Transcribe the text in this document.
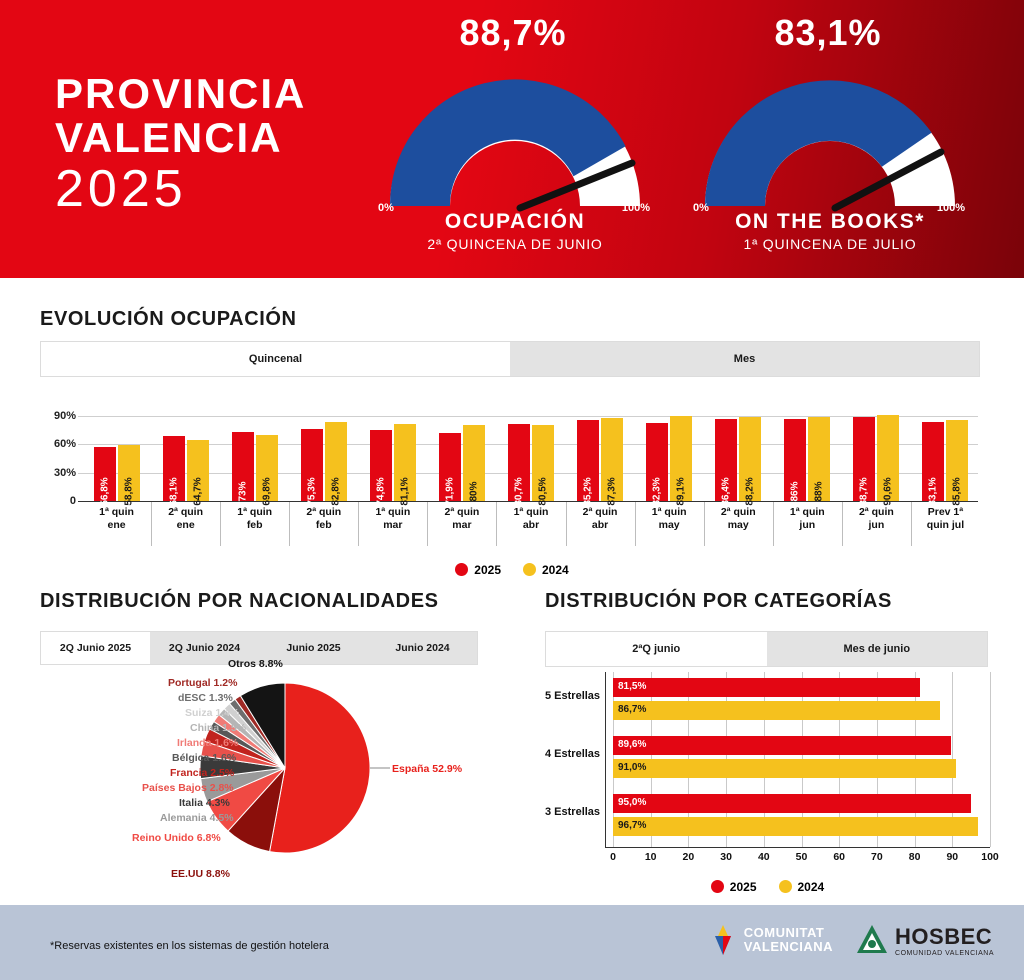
PROVINCIA
VALENCIA
2025
88,7%
0%	100%
OCUPACIÓN
2ª QUINCENA DE JUNIO
83,1%
0%	100%
ON THE BOOKS*
1ª QUINCENA DE JULIO
EVOLUCIÓN OCUPACIÓN
Quincenal	Mes
90%
60%
30%
0 56,8% 58,8%	68,1% 64,7%	73% 69,8%	75,3% 82,8%	74,8% 81,1%	71,9% 80%	80,7% 80,5%	85,2% 87,3%	82,3% 89,1%	86,4% 88,2%	86% 88%	88,7% 90,6%	83,1% 85,8%
1ª quin
ene
2ª quin
ene
1ª quin
feb
2ª quin
feb
1ª quin
mar
2ª quin
mar
1ª quin
abr
2ª quin
abr
1ª quin
may
2ª quin
may
1ª quin
jun
2ª quin
jun
Prev 1ª
quin jul
2025	2024
DISTRIBUCIÓN POR NACIONALIDADES
2Q Junio 2025	2Q Junio 2024	Junio 2025	Junio 2024
España 52.9%
Otros 8.8%
Portugal 1.2%
dESC 1.3%
Suiza 1.4%
China 1.5%
Irlanda 1.6%
Bélgica 1.6%
Francia 2.5%
Países Bajos 2.8%
Italia 4.3%
Alemania 4.5%
Reino Unido 6.8%
EE.UU 8.8%
DISTRIBUCIÓN POR CATEGORÍAS
2ªQ junio	Mes de junio
5 Estrellas
81,5%
86,7%
4 Estrellas
89,6%
91,0%
3 Estrellas
95,0%
96,7%
0	10 20 30 40 50 60 70 80 90 100
2025	2024
*Reservas existentes en los sistemas de gestión hotelera
COMUNITAT
VALENCIANA	HOSBEC
COMUNIDAD VALENCIANA
